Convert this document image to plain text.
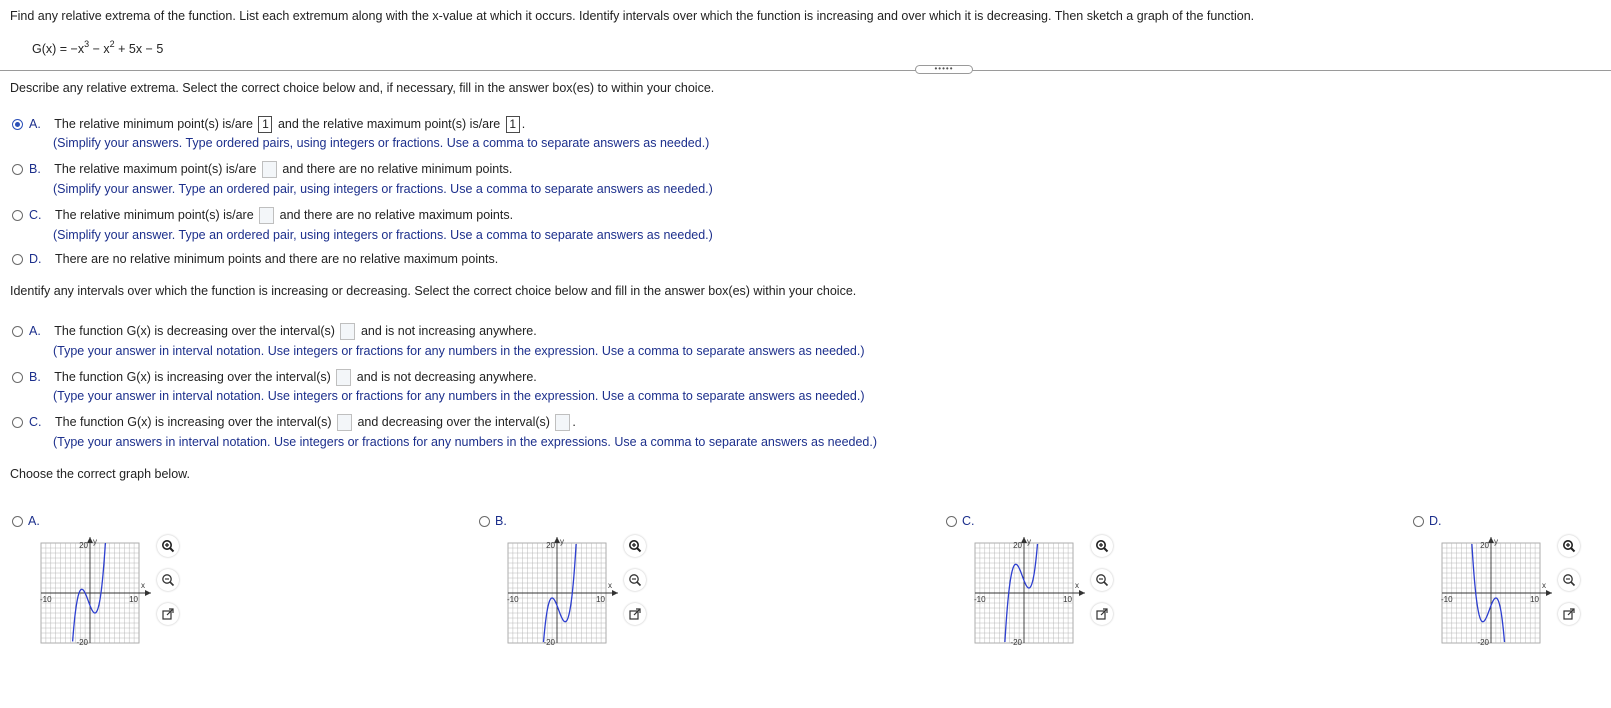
Find any relative extrema of the function. List each extremum along with the x-value at which it occurs. Identify intervals over which the function is increasing and over which it is decreasing. Then sketch a graph of the function.
$G(x) = -x^3 - x^2 + 5x - 5$
•••••
Describe any relative extrema. Select the correct choice below and, if necessary, fill in the answer box(es) to within your choice.
A. The relative minimum point(s) is/are 1 and the relative maximum point(s) is/are 1 .
(Simplify your answers. Type ordered pairs, using integers or fractions. Use a comma to separate answers as needed.)
B. The relative maximum point(s) is/are and there are no relative minimum points.
(Simplify your answer. Type an ordered pair, using integers or fractions. Use a comma to separate answers as needed.)
C. The relative minimum point(s) is/are and there are no relative maximum points.
(Simplify your answer. Type an ordered pair, using integers or fractions. Use a comma to separate answers as needed.)
D. There are no relative minimum points and there are no relative maximum points.
Identify any intervals over which the function is increasing or decreasing. Select the correct choice below and fill in the answer box(es) within your choice.
A. The function G(x) is decreasing over the interval(s) and is not increasing anywhere.
(Type your answer in interval notation. Use integers or fractions for any numbers in the expression. Use a comma to separate answers as needed.)
B. The function G(x) is increasing over the interval(s) and is not decreasing anywhere.
(Type your answer in interval notation. Use integers or fractions for any numbers in the expression. Use a comma to separate answers as needed.)
C. The function G(x) is increasing over the interval(s) and decreasing over the interval(s) .
(Type your answers in interval notation. Use integers or fractions for any numbers in the expressions. Use a comma to separate answers as needed.)
Choose the correct graph below.
A.
20
-20
-10	10
x
y
B.
20
-20
-10	10
x
y
C.
20
-20
-10	10
x
y
D.
20
-20
-10	10
x
y
